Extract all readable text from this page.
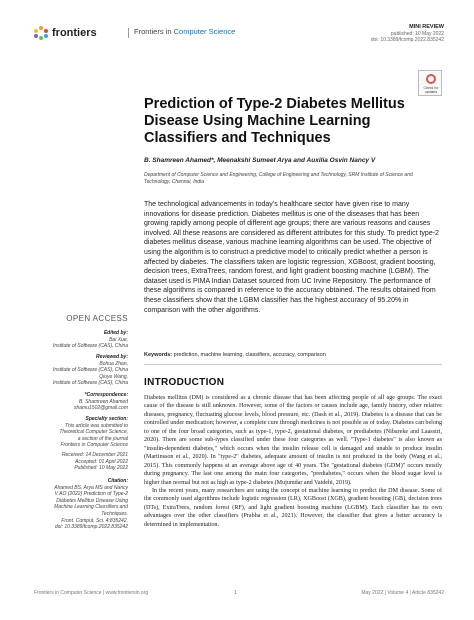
frontiers	Frontiers in Computer Science	MINI REVIEW
published: 10 May 2022
doi: 10.3389/fcomp.2022.835242
Check for updates
Prediction of Type-2 Diabetes Mellitus Disease Using Machine Learning Classifiers and Techniques
B. Shamreen Ahamed*, Meenakshi Sumeet Arya and Auxilia Osvin Nancy V
Department of Computer Science and Engineering, College of Engineering and Technology, SRM Institute of Science and Technology, Chennai, India
The technological advancements in today’s healthcare sector have given rise to many innovations for disease prediction. Diabetes mellitus is one of the diseases that has been growing rapidly among people of different age groups; there are various reasons and causes involved. All these reasons are considered as different attributes for this study. To predict type-2 diabetes mellitus disease, various machine learning algorithms can be used. The objective of using the algorithm is to construct a predictive model to critically predict whether a person is affected by diabetes. The classifiers taken are logistic regression, XGBoost, gradient boosting, decision trees, ExtraTrees, random forest, and light gradient boosting machine (LGBM). The dataset used is PIMA Indian Dataset sourced from UC Irvine Repository. The performance of these algorithms is compared in reference to the accuracy obtained. The results obtained from these classifiers show that the LGBM classifier has the highest accuracy of 95.20% in comparison with the other algorithms.
Keywords: prediction, machine learning, classifiers, accuracy, comparison
OPEN ACCESS
Edited by:
Bai Xue,
Institute of Software (CAS), China
Reviewed by:
Bohua Zhan,
Institute of Software (CAS), China
Qiuye Wang,
Institute of Software (CAS), China
*Correspondence:
B. Shamreen Ahamed
shamu1502@gmail.com
Specialty section:
This article was submitted to
Theoretical Computer Science,
a section of the journal
Frontiers in Computer Science
Received: 14 December 2021
Accepted: 01 April 2022
Published: 10 May 2022
Citation:
Ahamed BS, Arya MS and Nancy
V AO (2022) Prediction of Type-2
Diabetes Mellitus Disease Using
Machine Learning Classifiers and
Techniques.
Front. Comput. Sci. 4:835242.
doi: 10.3389/fcomp.2022.835242
INTRODUCTION

Diabetes mellitus (DM) is considered as a chronic disease that has been affecting people of all age groups. The exact cause of the disease is still unknown. However, some of the factors or causes include age, family history, other relative diseases, pregnancy, fluctuating glucose levels, blood pressure, etc. (Dash et al., 2019). Diabetes is a disease that can be controlled under medication; however, a complete cure through medicines is not possible as of today. Diabetes can belong to one of the four broad categories, such as type-1, type-2, gestational diabetes, or prediabetes (Nibareke and Laassiri, 2020). There are some sub-types classified under these four categories as well. "Type-1 diabetes" is also known as "insulin-dependent diabetes," which occurs when the insulin release cell is damaged and unable to produce insulin (Martinsson et al., 2020). In "type-2" diabetes, adequate amount of insulin is not produced in the body (Wang et al., 2015). This commonly happens at an average above age of 40 years. The "gestational diabetes (GDM)" occurs mostly during pregnancy. The last one among the main four categories, "prediabetes," occurs when the blood sugar level is higher than normal but not as high as type-2 diabetes (Mujumdar and Vaidehi, 2019).

In the recent years, many researchers are using the concept of machine learning to predict the DM disease. Some of the commonly used algorithms include logistic regression (LR), XGBoost (XGB), gradient boosting (GB), decision trees (DTs), ExtraTrees, random forest (RF), and light gradient boosting machine (LGBM). Each classifier has its own advantages over the other classifiers (Prabha et al., 2021). However, the classifier that gives a better accuracy is determined in implementation.

Frontiers in Computer Science | www.frontiersin.org	1	May 2022 | Volume 4 | Article 835242
